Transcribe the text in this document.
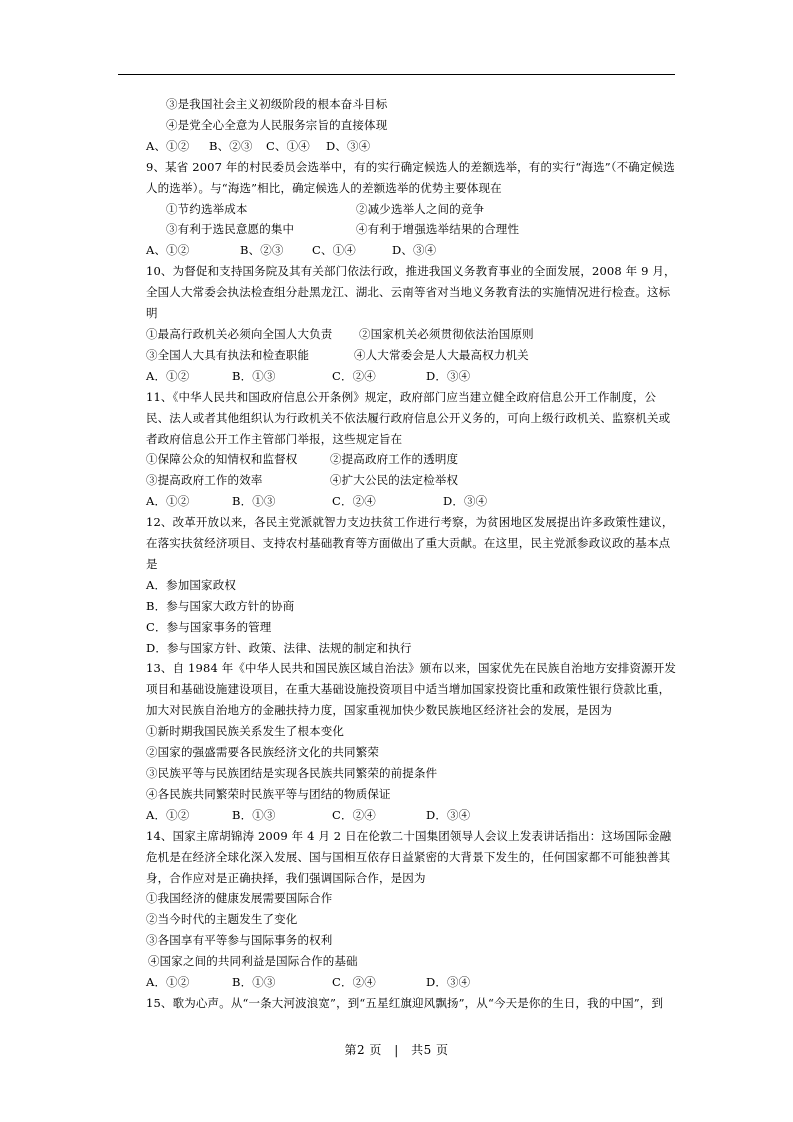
③是我国社会主义初级阶段的根本奋斗目标
④是党全心全意为人民服务宗旨的直接体现
A、①②	B、②③	C、①④	D、③④
9、某省 2007 年的村民委员会选举中，有的实行确定候选人的差额选举，有的实行“海选”（不确定候选人的选举）。与“海选”相比，确定候选人的差额选举的优势主要体现在
①节约选举成本	②减少选举人之间的竞争
③有利于选民意愿的集中	④有利于增强选举结果的合理性
A、①②	B、②③	C、①④	D、③④
10、为督促和支持国务院及其有关部门依法行政，推进我国义务教育事业的全面发展，2008 年 9 月，全国人大常委会执法检查组分赴黑龙江、湖北、云南等省对当地义务教育法的实施情况进行检查。这标明
①最高行政机关必须向全国人大负责	②国家机关必须贯彻依法治国原则
③全国人大具有执法和检查职能	④人大常委会是人大最高权力机关
A．①②	B．①③	C．②④	D．③④
11、《中华人民共和国政府信息公开条例》规定，政府部门应当建立健全政府信息公开工作制度，公民、法人或者其他组织认为行政机关不依法履行政府信息公开义务的，可向上级行政机关、监察机关或者政府信息公开工作主管部门举报，这些规定旨在
①保障公众的知情权和监督权	②提高政府工作的透明度
③提高政府工作的效率	④扩大公民的法定检举权
A．①②	B．①③	C．②④	D．③④
12、改革开放以来，各民主党派就智力支边扶贫工作进行考察，为贫困地区发展提出许多政策性建议，在落实扶贫经济项目、支持农村基础教育等方面做出了重大贡献。在这里，民主党派参政议政的基本点是
A．参加国家政权
B．参与国家大政方针的协商
C．参与国家事务的管理
D．参与国家方针、政策、法律、法规的制定和执行
13、自 1984 年《中华人民共和国民族区域自治法》颁布以来，国家优先在民族自治地方安排资源开发项目和基础设施建设项目，在重大基础设施投资项目中适当增加国家投资比重和政策性银行贷款比重，加大对民族自治地方的金融扶持力度，国家重视加快少数民族地区经济社会的发展，是因为
①新时期我国民族关系发生了根本变化
②国家的强盛需要各民族经济文化的共同繁荣
③民族平等与民族团结是实现各民族共同繁荣的前提条件
④各民族共同繁荣时民族平等与团结的物质保证
A．①②	B．①③	C．②④	D．③④
14、国家主席胡锦涛 2009 年 4 月 2 日在伦敦二十国集团领导人会议上发表讲话指出：这场国际金融危机是在经济全球化深入发展、国与国相互依存日益紧密的大背景下发生的，任何国家都不可能独善其身，合作应对是正确抉择，我们强调国际合作，是因为
①我国经济的健康发展需要国际合作
②当今时代的主题发生了变化
③各国享有平等参与国际事务的权利
④国家之间的共同利益是国际合作的基础
A．①②	B．①③	C．②④	D．③④
15、歌为心声。从“一条大河波浪宽”，到“五星红旗迎风飘扬”，从“今天是你的生日，我的中国”，到
第2 页 | 共5 页
